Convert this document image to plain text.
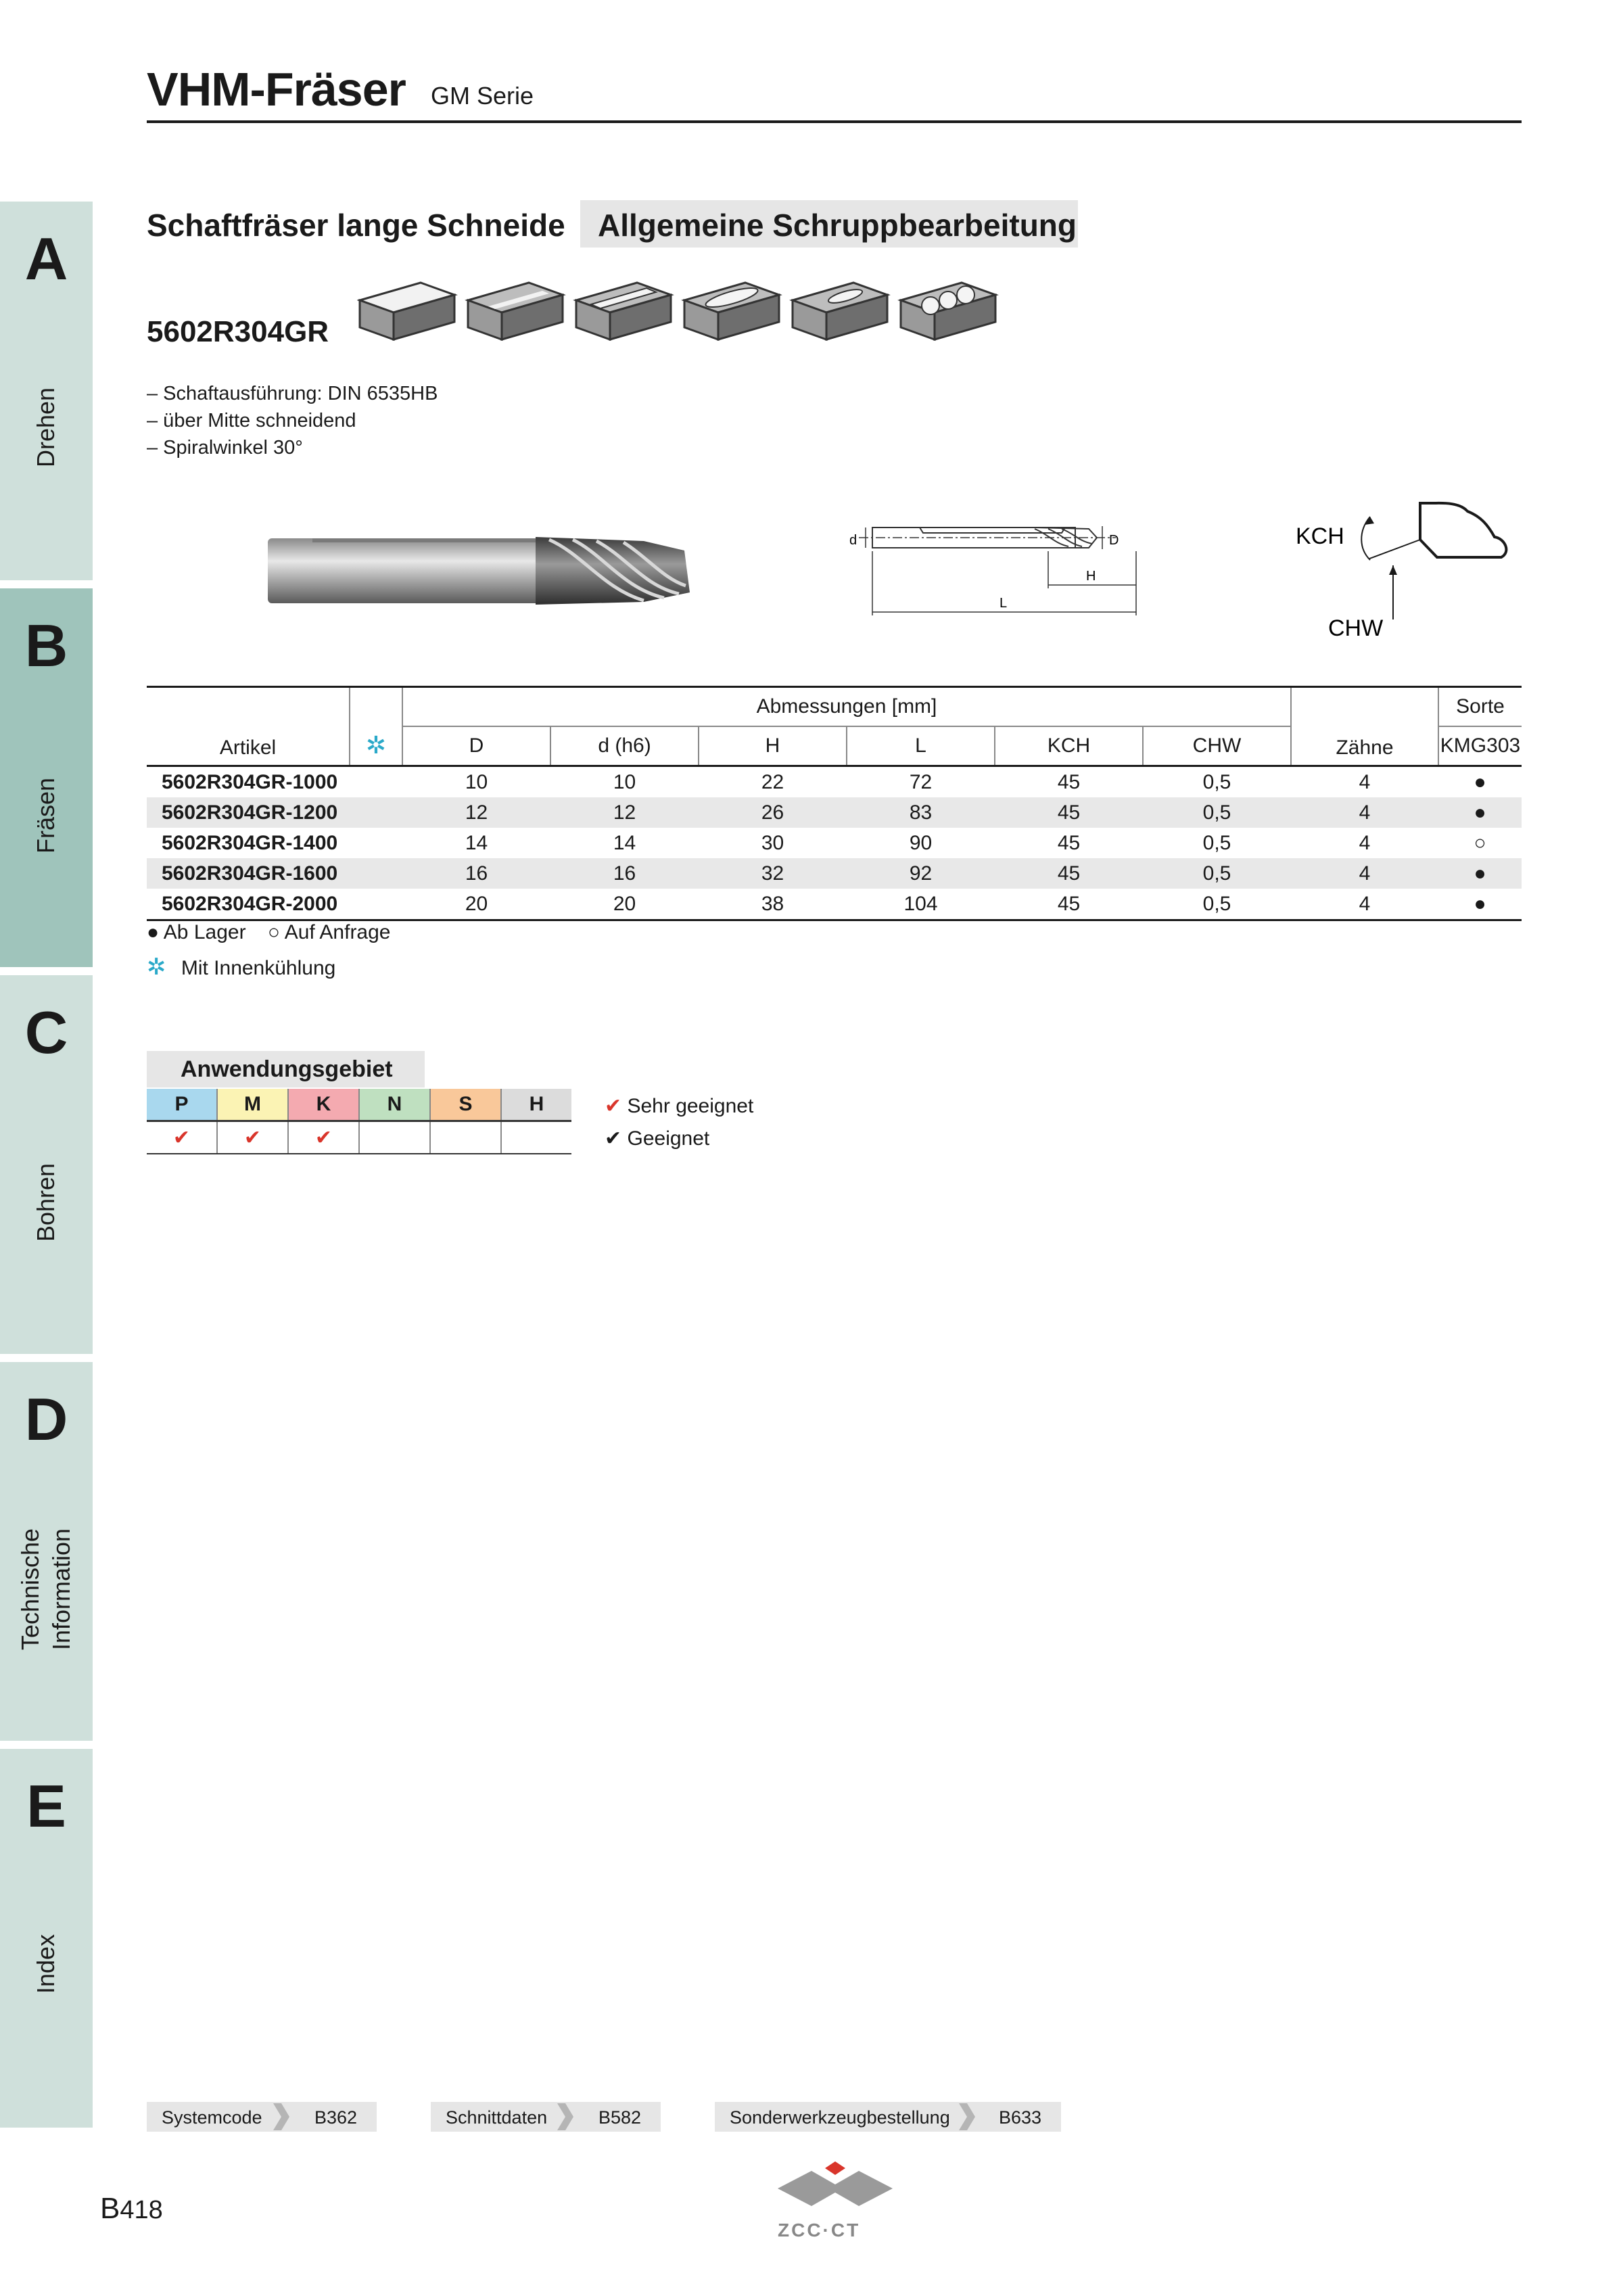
VHM-Fräser GM Serie
A
Drehen
B
Fräsen
C
Bohren
D
Technische
Information
E
Index
Schaftfräser lange Schneide Allgemeine Schruppbearbeitung
5602R304GR
– Schaftausführung: DIN 6535HB
– über Mitte schneidend
– Spiralwinkel 30°
d	D
H
L
KCH
CHW
Artikel	✲	Abmessungen [mm]						Zähne	Sorte
		D	d (h6)	H	L	KCH	CHW		KMG303
5602R304GR-1000		10	10	22	72	45	0,5	4	●
5602R304GR-1200		12	12	26	83	45	0,5	4	●
5602R304GR-1400		14	14	30	90	45	0,5	4	○
5602R304GR-1600		16	16	32	92	45	0,5	4	●
5602R304GR-2000		20	20	38	104	45	0,5	4	●
● Ab Lager ○ Auf Anfrage
✲ Mit Innenkühlung
Anwendungsgebiet
P	M	K	N	S	H
✔	✔	✔			
✔ Sehr geeignet
✔ Geeignet
Systemcode	B362	Schnittdaten	B582	Sonderwerkzeugbestellung	B633
B418
ZCC·CT
